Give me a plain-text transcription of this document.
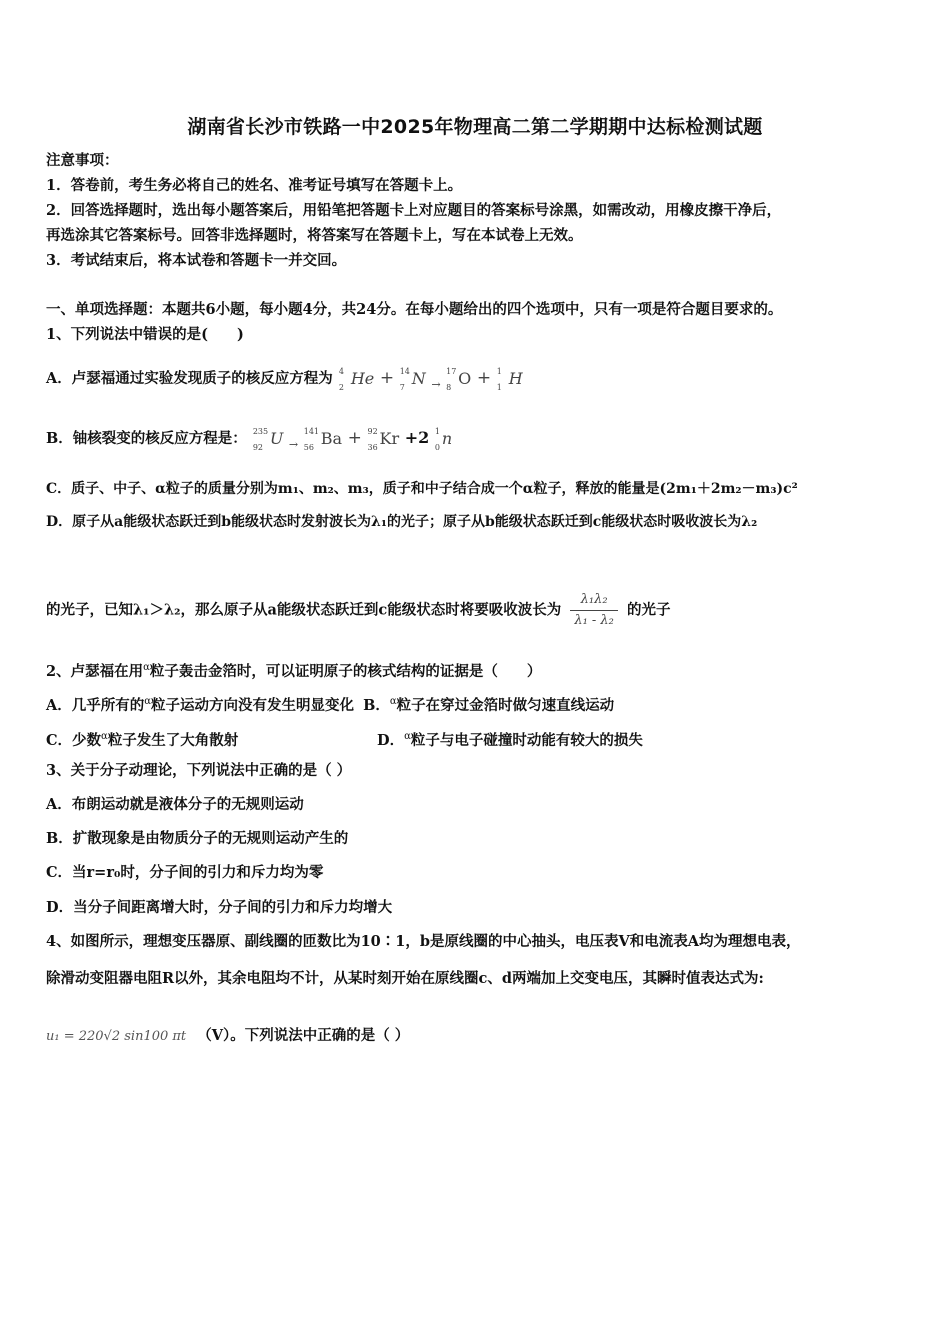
湖南省长沙市铁路一中2025年物理高二第二学期期中达标检测试题
注意事项：
1．答卷前，考生务必将自己的姓名、准考证号填写在答题卡上。
2．回答选择题时，选出每小题答案后，用铅笔把答题卡上对应题目的答案标号涂黑，如需改动，用橡皮擦干净后，
再选涂其它答案标号。回答非选择题时，将答案写在答题卡上，写在本试卷上无效。
3．考试结束后，将本试卷和答题卡一并交回。
一、单项选择题：本题共6小题，每小题4分，共24分。在每小题给出的四个选项中，只有一项是符合题目要求的。
1、下列说法中错误的是(　　)
A．卢瑟福通过实验发现质子的核反应方程为 4
2 He + 14
7 N $_\to$
17
8 O + 1
1 H
B．铀核裂变的核反应方程是： 235
92 U $_\to$
141
56 Ba + 92
36 Kr +2 1
0 n
C．质子、中子、α粒子的质量分别为m₁、m₂、m₃，质子和中子结合成一个α粒子，释放的能量是(2m₁＋2m₂－m₃)c²
D．原子从a能级状态跃迁到b能级状态时发射波长为λ₁的光子；原子从b能级状态跃迁到c能级状态时吸收波长为λ₂
的光子，已知λ₁＞λ₂，那么原子从a能级状态跃迁到c能级状态时将要吸收波长为 $\frac{\text{λ₁λ₂}}{\text{λ₁ - λ₂}}$ 的光子
2、卢瑟福在用$^\alpha$粒子轰击金箔时，可以证明原子的核式结构的证据是（　　）
A．几乎所有的$^\alpha$粒子运动方向没有发生明显变化 B．$^\alpha$粒子在穿过金箔时做匀速直线运动
C．少数$^\alpha$粒子发生了大角散射	D．$^\alpha$粒子与电子碰撞时动能有较大的损失
3、关于分子动理论，下列说法中正确的是（ ）
A．布朗运动就是液体分子的无规则运动
B．扩散现象是由物质分子的无规则运动产生的
C．当r=r₀时，分子间的引力和斥力均为零
D．当分子间距离增大时，分子间的引力和斥力均增大
4、如图所示，理想变压器原、副线圈的匝数比为10∶1，b是原线圈的中心抽头，电压表V和电流表A均为理想电表，
除滑动变阻器电阻R以外，其余电阻均不计，从某时刻开始在原线圈c、d两端加上交变电压，其瞬时值表达式为:
u₁ = 220√2 sin100 πt （V）。下列说法中正确的是（ ）
